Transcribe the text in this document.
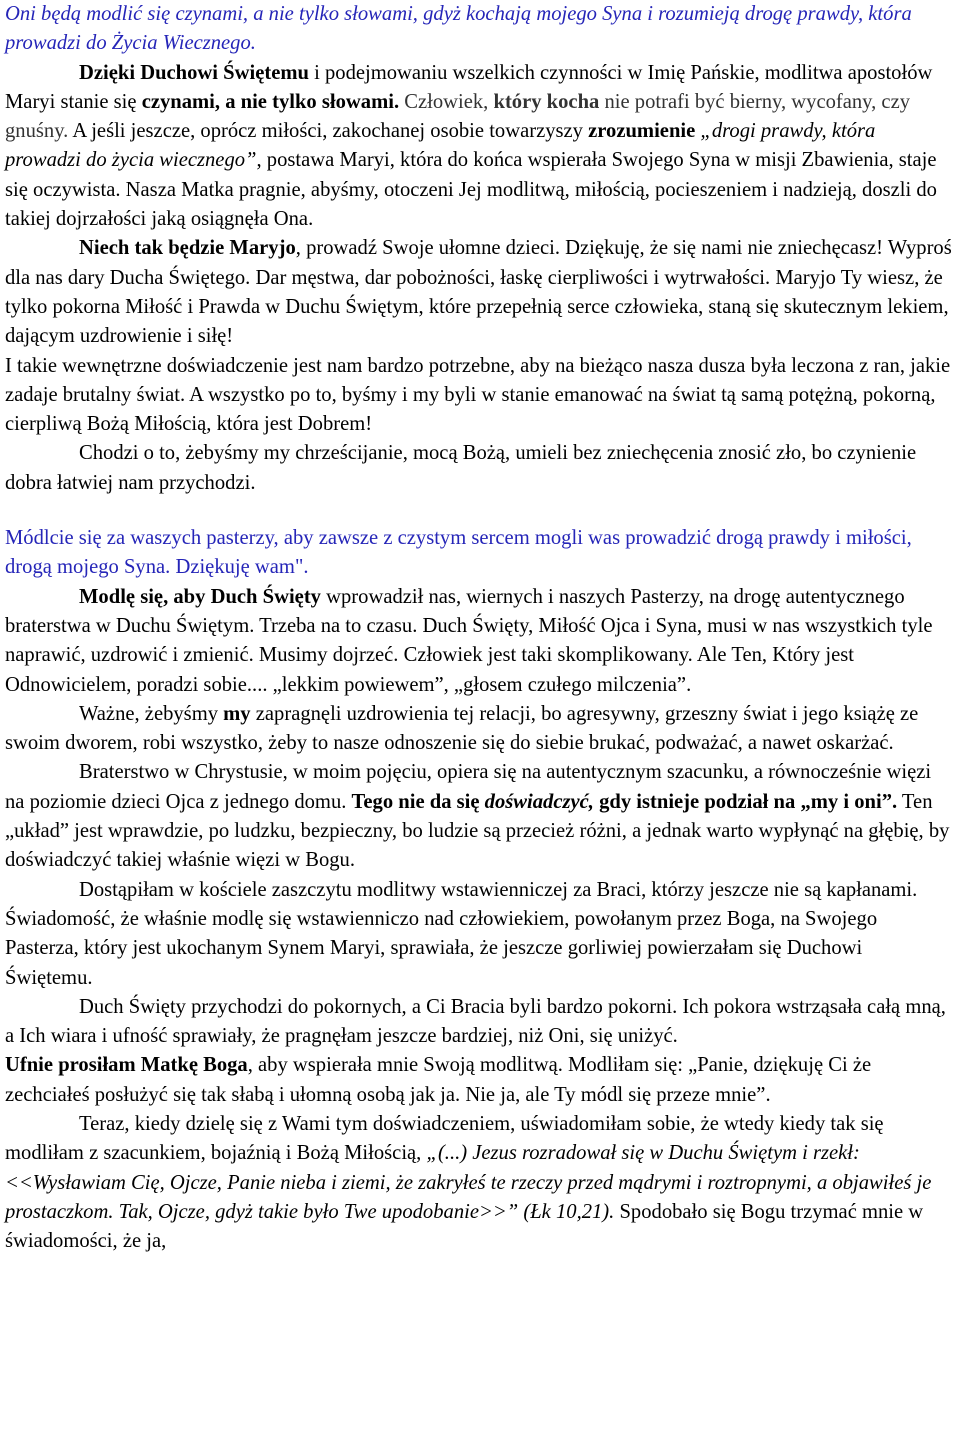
Oni będą modlić się czynami, a nie tylko słowami, gdyż kochają mojego Syna i rozumieją drogę prawdy, która prowadzi do Życia Wiecznego.

Dzięki Duchowi Świętemu i podejmowaniu wszelkich czynności w Imię Pańskie, modlitwa apostołów Maryi stanie się czynami, a nie tylko słowami. Człowiek, który kocha nie potrafi być bierny, wycofany, czy gnuśny. A jeśli jeszcze, oprócz miłości, zakochanej osobie towarzyszy zrozumienie „drogi prawdy, która prowadzi do życia wiecznego”, postawa Maryi, która do końca wspierała Swojego Syna w misji Zbawienia, staje się oczywista. Nasza Matka pragnie, abyśmy, otoczeni Jej modlitwą, miłością, pocieszeniem i nadzieją, doszli do takiej dojrzałości jaką osiągnęła Ona.

Niech tak będzie Maryjo, prowadź Swoje ułomne dzieci. Dziękuję, że się nami nie zniechęcasz! Wyproś dla nas dary Ducha Świętego. Dar męstwa, dar pobożności, łaskę cierpliwości i wytrwałości. Maryjo Ty wiesz, że tylko pokorna Miłość i Prawda w Duchu Świętym, które przepełnią serce człowieka, staną się skutecznym lekiem, dającym uzdrowienie i siłę!

I takie wewnętrzne doświadczenie jest nam bardzo potrzebne, aby na bieżąco nasza dusza była leczona z ran, jakie zadaje brutalny świat. A wszystko po to, byśmy i my byli w stanie emanować na świat tą samą potężną, pokorną, cierpliwą Bożą Miłością, która jest Dobrem!

Chodzi o to, żebyśmy my chrześcijanie, mocą Bożą, umieli bez zniechęcenia znosić zło, bo czynienie dobra łatwiej nam przychodzi.

Módlcie się za waszych pasterzy, aby zawsze z czystym sercem mogli was prowadzić drogą prawdy i miłości, drogą mojego Syna. Dziękuję wam".

Modlę się, aby Duch Święty wprowadził nas, wiernych i naszych Pasterzy, na drogę autentycznego braterstwa w Duchu Świętym. Trzeba na to czasu. Duch Święty, Miłość Ojca i Syna, musi w nas wszystkich tyle naprawić, uzdrowić i zmienić. Musimy dojrzeć. Człowiek jest taki skomplikowany. Ale Ten, Który jest Odnowicielem, poradzi sobie.... „lekkim powiewem”, „głosem czułego milczenia”.

Ważne, żebyśmy my zapragnęli uzdrowienia tej relacji, bo agresywny, grzeszny świat i jego książę ze swoim dworem, robi wszystko, żeby to nasze odnoszenie się do siebie brukać, podważać, a nawet oskarżać.

Braterstwo w Chrystusie, w moim pojęciu, opiera się na autentycznym szacunku, a równocześnie więzi na poziomie dzieci Ojca z jednego domu. Tego nie da się doświadczyć, gdy istnieje podział na „my i oni”. Ten „układ” jest wprawdzie, po ludzku, bezpieczny, bo ludzie są przecież różni, a jednak warto wypłynąć na głębię, by doświadczyć takiej właśnie więzi w Bogu.

Dostąpiłam w kościele zaszczytu modlitwy wstawienniczej za Braci, którzy jeszcze nie są kapłanami. Świadomość, że właśnie modlę się wstawienniczo nad człowiekiem, powołanym przez Boga, na Swojego Pasterza, który jest ukochanym Synem Maryi, sprawiała, że jeszcze gorliwiej powierzałam się Duchowi Świętemu.

Duch Święty przychodzi do pokornych, a Ci Bracia byli bardzo pokorni. Ich pokora wstrząsała całą mną, a Ich wiara i ufność sprawiały, że pragnęłam jeszcze bardziej, niż Oni, się uniżyć.

Ufnie prosiłam Matkę Boga, aby wspierała mnie Swoją modlitwą. Modliłam się: „Panie, dziękuję Ci że zechciałeś posłużyć się tak słabą i ułomną osobą jak ja. Nie ja, ale Ty módl się przeze mnie”.

Teraz, kiedy dzielę się z Wami tym doświadczeniem, uświadomiłam sobie, że wtedy kiedy tak się modliłam z szacunkiem, bojaźnią i Bożą Miłością, „(...) Jezus rozradował się w Duchu Świętym i rzekł: <<Wysławiam Cię, Ojcze, Panie nieba i ziemi, że zakryłeś te rzeczy przed mądrymi i roztropnymi, a objawiłeś je prostaczkom. Tak, Ojcze, gdyż takie było Twe upodobanie>>” (Łk 10,21). Spodobało się Bogu trzymać mnie w świadomości, że ja,
